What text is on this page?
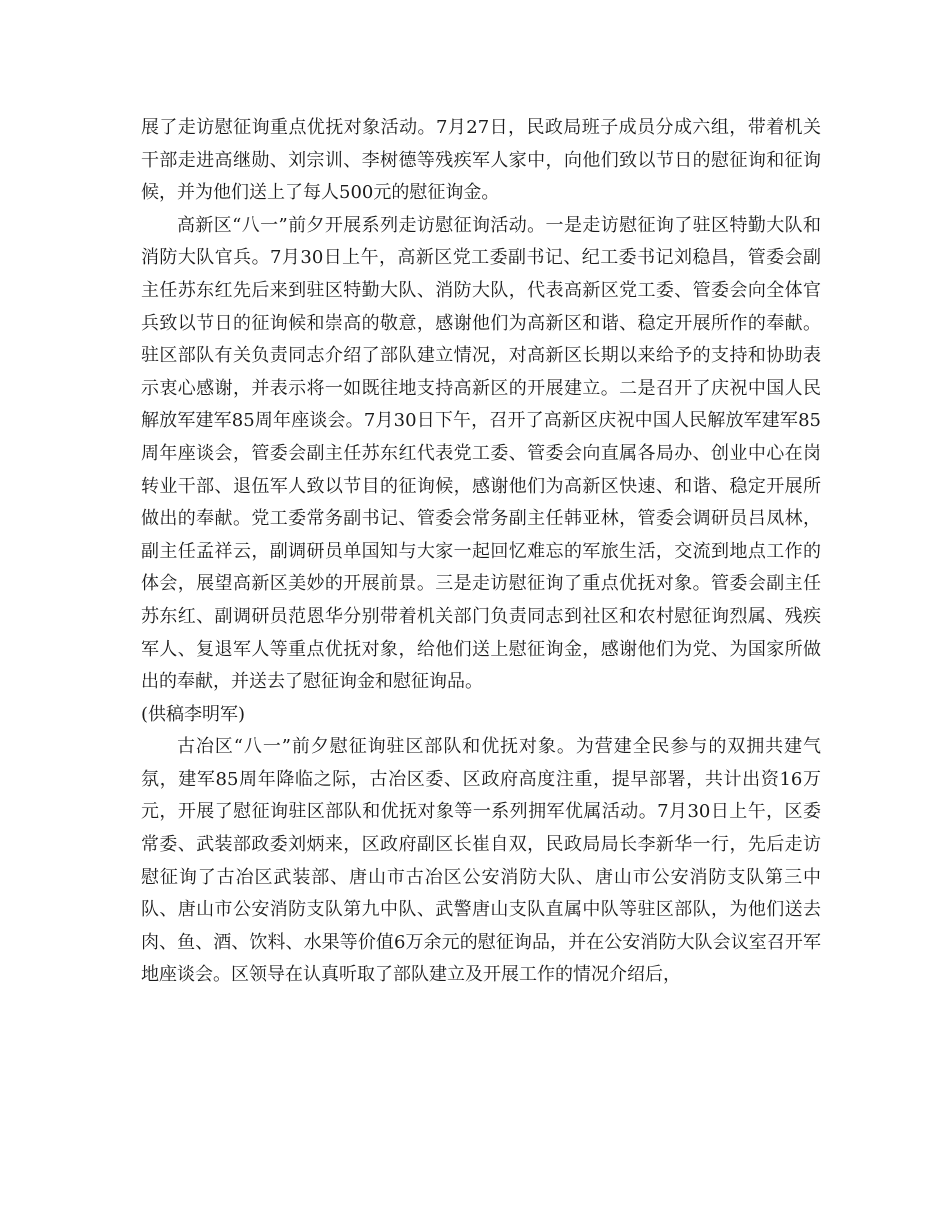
展了走访慰征询重点优抚对象活动。7月27日，民政局班子成员分成六组，带着机关干部走进高继勋、刘宗训、李树德等残疾军人家中，向他们致以节日的慰征询和征询候，并为他们送上了每人500元的慰征询金。

高新区“八一”前夕开展系列走访慰征询活动。一是走访慰征询了驻区特勤大队和消防大队官兵。7月30日上午，高新区党工委副书记、纪工委书记刘稳昌，管委会副主任苏东红先后来到驻区特勤大队、消防大队，代表高新区党工委、管委会向全体官兵致以节日的征询候和崇高的敬意，感谢他们为高新区和谐、稳定开展所作的奉献。驻区部队有关负责同志介绍了部队建立情况，对高新区长期以来给予的支持和协助表示衷心感谢，并表示将一如既往地支持高新区的开展建立。二是召开了庆祝中国人民解放军建军85周年座谈会。7月30日下午，召开了高新区庆祝中国人民解放军建军85周年座谈会，管委会副主任苏东红代表党工委、管委会向直属各局办、创业中心在岗转业干部、退伍军人致以节目的征询候，感谢他们为高新区快速、和谐、稳定开展所做出的奉献。党工委常务副书记、管委会常务副主任韩亚林，管委会调研员吕凤林，副主任孟祥云，副调研员单国知与大家一起回忆难忘的军旅生活，交流到地点工作的体会，展望高新区美妙的开展前景。三是走访慰征询了重点优抚对象。管委会副主任苏东红、副调研员范恩华分别带着机关部门负责同志到社区和农村慰征询烈属、残疾军人、复退军人等重点优抚对象，给他们送上慰征询金，感谢他们为党、为国家所做出的奉献，并送去了慰征询金和慰征询品。

(供稿李明军)

古冶区“八一”前夕慰征询驻区部队和优抚对象。为营建全民参与的双拥共建气氛，建军85周年降临之际，古冶区委、区政府高度注重，提早部署，共计出资16万元，开展了慰征询驻区部队和优抚对象等一系列拥军优属活动。7月30日上午，区委常委、武装部政委刘炳来，区政府副区长崔自双，民政局局长李新华一行，先后走访慰征询了古冶区武装部、唐山市古冶区公安消防大队、唐山市公安消防支队第三中队、唐山市公安消防支队第九中队、武警唐山支队直属中队等驻区部队，为他们送去肉、鱼、酒、饮料、水果等价值6万余元的慰征询品，并在公安消防大队会议室召开军地座谈会。区领导在认真听取了部队建立及开展工作的情况介绍后，
